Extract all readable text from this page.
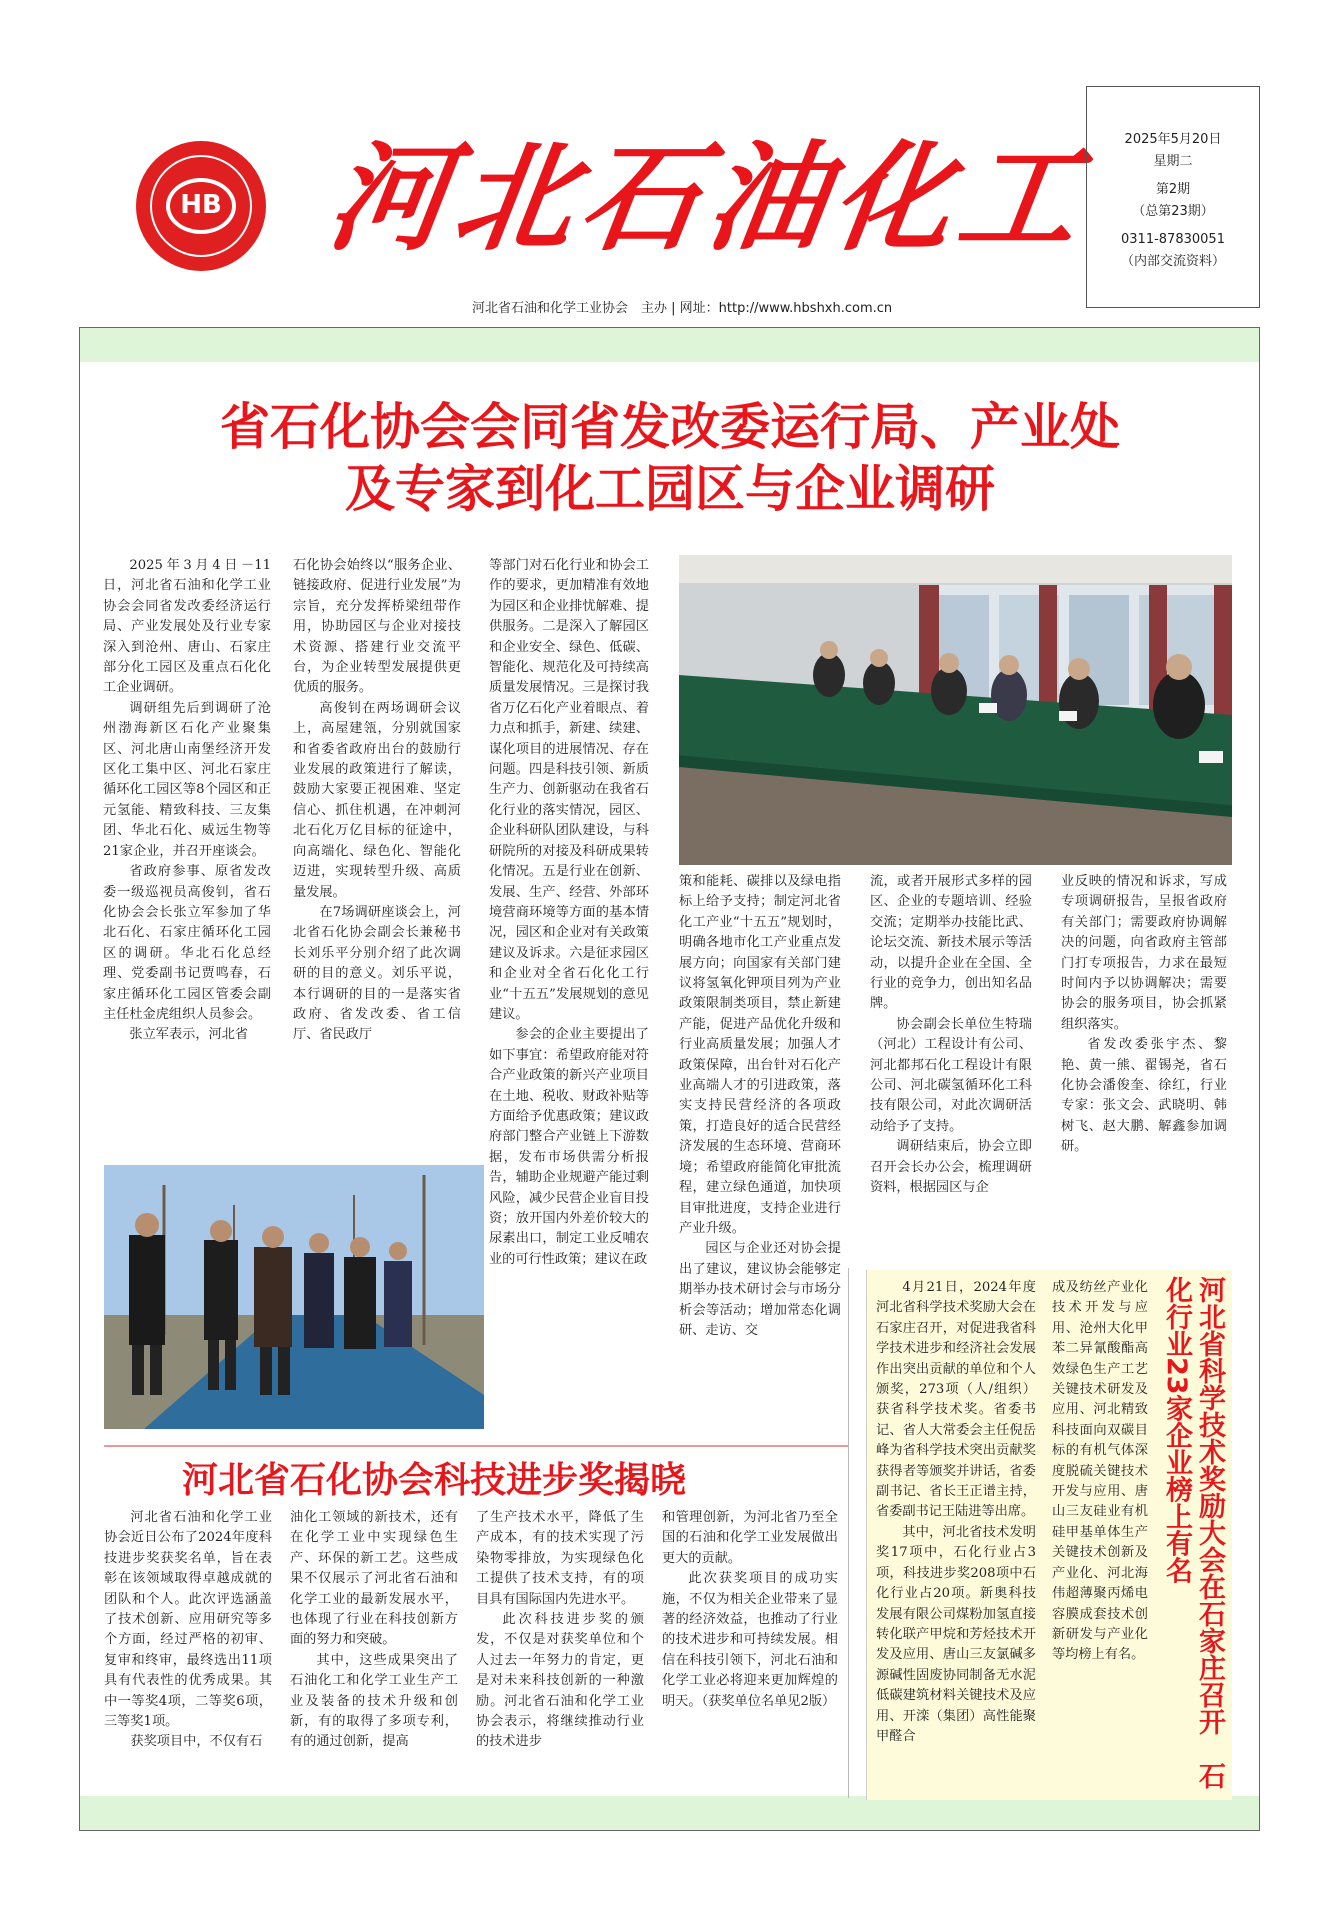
HB 河北石油化工	2025年5月20日
星期二
第2期
（总第23期）
0311-87830051
（内部交流资料）
河北省石油和化学工业协会　主办 | 网址：http://www.hbshxh.com.cn
省石化协会会同省发改委运行局、产业处
及专家到化工园区与企业调研

2025年3月4日－11日，河北省石油和化学工业协会会同省发改委经济运行局、产业发展处及行业专家深入到沧州、唐山、石家庄部分化工园区及重点石化化工企业调研。

调研组先后到调研了沧州渤海新区石化产业聚集区、河北唐山南堡经济开发区化工集中区、河北石家庄循环化工园区等8个园区和正元氢能、精致科技、三友集团、华北石化、威远生物等21家企业，并召开座谈会。

省政府参事、原省发改委一级巡视员高俊钊，省石化协会会长张立军参加了华北石化、石家庄循环化工园区的调研。华北石化总经理、党委副书记贾鸣春，石家庄循环化工园区管委会副主任杜金虎组织人员参会。

张立军表示，河北省

石化协会始终以“服务企业、链接政府、促进行业发展”为宗旨，充分发挥桥梁纽带作用，协助园区与企业对接技术资源、搭建行业交流平台，为企业转型发展提供更优质的服务。

高俊钊在两场调研会议上，高屋建瓴，分别就国家和省委省政府出台的鼓励行业发展的政策进行了解读，鼓励大家要正视困难、坚定信心、抓住机遇，在冲刺河北石化万亿目标的征途中，向高端化、绿色化、智能化迈进，实现转型升级、高质量发展。

在7场调研座谈会上，河北省石化协会副会长兼秘书长刘乐平分别介绍了此次调研的目的意义。刘乐平说，本行调研的目的一是落实省政府、省发改委、省工信厅、省民政厅

等部门对石化行业和协会工作的要求，更加精准有效地为园区和企业排忧解难、提供服务。二是深入了解园区和企业安全、绿色、低碳、智能化、规范化及可持续高质量发展情况。三是探讨我省万亿石化产业着眼点、着力点和抓手，新建、续建、谋化项目的进展情况、存在问题。四是科技引领、新质生产力、创新驱动在我省石化行业的落实情况，园区、企业科研队团队建设，与科研院所的对接及科研成果转化情况。五是行业在创新、发展、生产、经营、外部环境营商环境等方面的基本情况，园区和企业对有关政策建议及诉求。六是征求园区和企业对全省石化化工行业“十五五”发展规划的意见建议。

参会的企业主要提出了如下事宜：希望政府能对符合产业政策的新兴产业项目在土地、税收、财政补贴等方面给予优惠政策；建议政府部门整合产业链上下游数据，发布市场供需分析报告，辅助企业规避产能过剩风险，减少民营企业盲目投资；放开国内外差价较大的尿素出口，制定工业反哺农业的可行性政策；建议在政

策和能耗、碳排以及绿电指标上给予支持；制定河北省化工产业“十五五”规划时，明确各地市化工产业重点发展方向；向国家有关部门建议将氢氧化钾项目列为产业政策限制类项目，禁止新建产能，促进产品优化升级和行业高质量发展；加强人才政策保障，出台针对石化产业高端人才的引进政策，落实支持民营经济的各项政策，打造良好的适合民营经济发展的生态环境、营商环境；希望政府能简化审批流程，建立绿色通道，加快项目审批进度，支持企业进行产业升级。

园区与企业还对协会提出了建议，建议协会能够定期举办技术研讨会与市场分析会等活动；增加常态化调研、走访、交

流，或者开展形式多样的园区、企业的专题培训、经验交流；定期举办技能比武、论坛交流、新技术展示等活动，以提升企业在全国、全行业的竞争力，创出知名品牌。

协会副会长单位生特瑞（河北）工程设计有公司、河北都邦石化工程设计有限公司、河北碳氢循环化工科技有限公司，对此次调研活动给予了支持。

调研结束后，协会立即召开会长办公会，梳理调研资料，根据园区与企

业反映的情况和诉求，写成专项调研报告，呈报省政府有关部门；需要政府协调解决的问题，向省政府主管部门打专项报告，力求在最短时间内予以协调解决；需要协会的服务项目，协会抓紧组织落实。

省发改委张宇杰、黎艳、黄一熊、翟锡尧，省石化协会潘俊奎、徐红，行业专家：张文会、武晓明、韩树飞、赵大鹏、解鑫参加调研。

河北省石化协会科技进步奖揭晓

河北省石油和化学工业协会近日公布了2024年度科技进步奖获奖名单，旨在表彰在该领域取得卓越成就的团队和个人。此次评选涵盖了技术创新、应用研究等多个方面，经过严格的初审、复审和终审，最终选出11项具有代表性的优秀成果。其中一等奖4项，二等奖6项，三等奖1项。

获奖项目中，不仅有石

油化工领域的新技术，还有在化学工业中实现绿色生产、环保的新工艺。这些成果不仅展示了河北省石油和化学工业的最新发展水平，也体现了行业在科技创新方面的努力和突破。

其中，这些成果突出了石油化工和化学工业生产工业及装备的技术升级和创新，有的取得了多项专利，有的通过创新，提高

了生产技术水平，降低了生产成本，有的技术实现了污染物零排放，为实现绿色化工提供了技术支持，有的项目具有国际国内先进水平。

此次科技进步奖的颁发，不仅是对获奖单位和个人过去一年努力的肯定，更是对未来科技创新的一种激励。河北省石油和化学工业协会表示，将继续推动行业的技术进步

和管理创新，为河北省乃至全国的石油和化学工业发展做出更大的贡献。

此次获奖项目的成功实施，不仅为相关企业带来了显著的经济效益，也推动了行业的技术进步和可持续发展。相信在科技引领下，河北石油和化学工业必将迎来更加辉煌的明天。（获奖单位名单见2版）	河北省科学技术奖励大会在石家庄召开　石化行业23家企业榜上有名

4月21日，2024年度河北省科学技术奖励大会在石家庄召开，对促进我省科学技术进步和经济社会发展作出突出贡献的单位和个人颁奖，273项（人/组织）获省科学技术奖。省委书记、省人大常委会主任倪岳峰为省科学技术突出贡献奖获得者等颁奖并讲话，省委副书记、省长王正谱主持，省委副书记王陆进等出席。

其中，河北省技术发明奖17项中，石化行业占3项，科技进步奖208项中石化行业占20项。新奥科技发展有限公司煤粉加氢直接转化联产甲烷和芳烃技术开发及应用、唐山三友氯碱多源碱性固废协同制备无水泥低碳建筑材料关键技术及应用、开滦（集团）高性能聚甲醛合

成及纺丝产业化技术开发与应用、沧州大化甲苯二异氰酸酯高效绿色生产工艺关键技术研发及应用、河北精致科技面向双碳目标的有机气体深度脱硫关键技术开发与应用、唐山三友硅业有机硅甲基单体生产关键技术创新及产业化、河北海伟超薄聚丙烯电容膜成套技术创新研发与产业化等均榜上有名。
